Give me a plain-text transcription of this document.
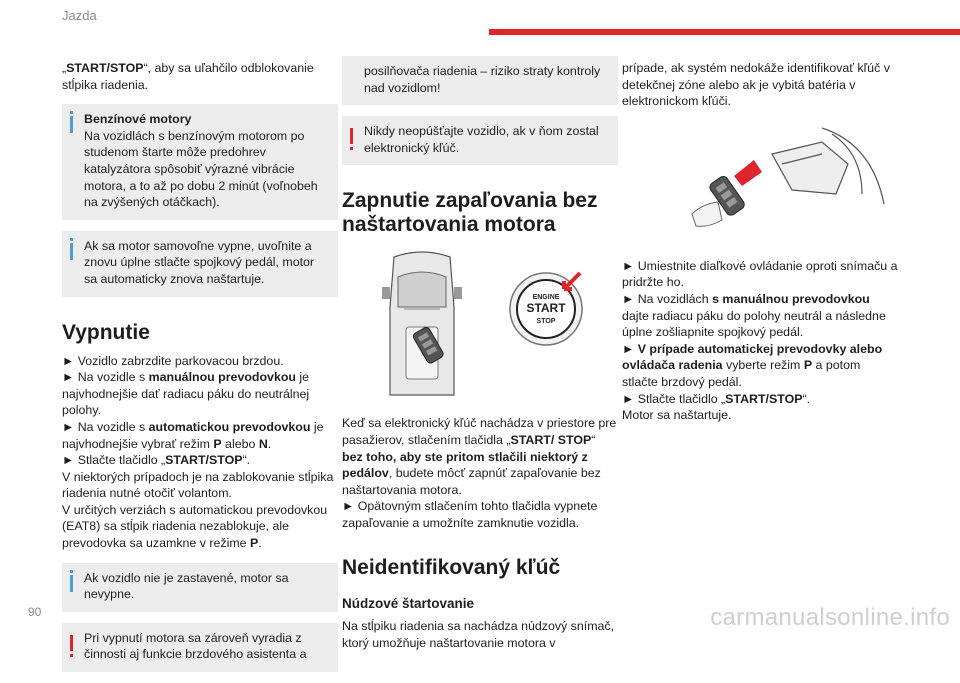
Jazda

„START/STOP“, aby sa uľahčilo odblokovanie stĺpika riadenia.

Benzínové motory

Na vozidlách s benzínovým motorom po studenom štarte môže predohrev katalyzátora spôsobiť výrazné vibrácie motora, a to až po dobu 2 minút (voľnobeh na zvýšených otáčkach).

Ak sa motor samovoľne vypne, uvoľnite a znovu úplne stlačte spojkový pedál, motor sa automaticky znova naštartuje.

Vypnutie

► Vozidlo zabrzdite parkovacou brzdou.

► Na vozidle s manuálnou prevodovkou je najvhodnejšie dať radiacu páku do neutrálnej polohy.

► Na vozidle s automatickou prevodovkou je najvhodnejšie vybrať režim P alebo N.

► Stlačte tlačidlo „START/STOP“.

V niektorých prípadoch je na zablokovanie stĺpika riadenia nutné otočiť volantom.

V určitých verziách s automatickou prevodovkou (EAT8) sa stĺpik riadenia nezablokuje, ale prevodovka sa uzamkne v režime P.

Ak vozidlo nie je zastavené, motor sa nevypne.

Pri vypnutí motora sa zároveň vyradia z činnosti aj funkcie brzdového asistenta a

posilňovača riadenia – riziko straty kontroly nad vozidlom!

Nikdy neopúšťajte vozidlo, ak v ňom zostal elektronický kľúč.

Zapnutie zapaľovania bez naštartovania motora
ENGINE
START
STOP

Keď sa elektronický kľúč nachádza v priestore pre pasažierov, stlačením tlačidla „START/ STOP“ bez toho, aby ste pritom stlačili niektorý z pedálov, budete môcť zapnúť zapaľovanie bez naštartovania motora.

► Opätovným stlačením tohto tlačidla vypnete zapaľovanie a umožníte zamknutie vozidla.

Neidentifikovaný kľúč
Núdzové štartovanie

Na stĺpiku riadenia sa nachádza núdzový snímač, ktorý umožňuje naštartovanie motora v

prípade, ak systém nedokáže identifikovať kľúč v detekčnej zóne alebo ak je vybitá batéria v elektronickom kľúči.

► Umiestnite diaľkové ovládanie oproti snímaču a pridržte ho.

► Na vozidlách s manuálnou prevodovkou dajte radiacu páku do polohy neutrál a následne úplne zošliapnite spojkový pedál.

► V prípade automatickej prevodovky alebo ovládača radenia vyberte režim P a potom stlačte brzdový pedál.

► Stlačte tlačidlo „START/STOP“.

Motor sa naštartuje.

90	carmanualsonline.info
